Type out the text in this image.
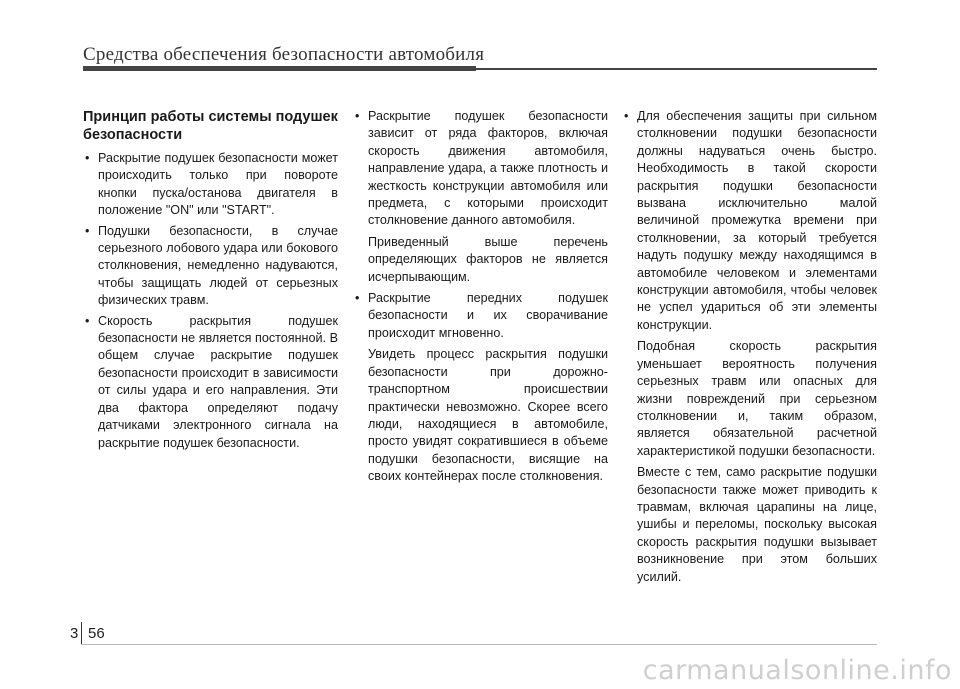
Средства обеспечения безопасности автомобиля
Принцип работы системы подушек безопасности
• Раскрытие подушек безопасности может происходить только при повороте кнопки пуска/останова двигателя в положение "ON" или "START".
• Подушки безопасности, в случае серьезного лобового удара или бокового столкновения, немедленно надуваются, чтобы защищать людей от серьезных физических травм.
• Скорость раскрытия подушек безопасности не является постоянной. В общем случае раскрытие подушек безопасности происходит в зависимости от силы удара и его направления. Эти два фактора определяют подачу датчиками электронного сигнала на раскрытие подушек безопасности.
• Раскрытие подушек безопасности зависит от ряда факторов, включая скорость движения автомобиля, направление удара, а также плотность и жесткость конструкции автомобиля или предмета, с которыми происходит столкновение данного автомобиля.

Приведенный выше перечень определяющих факторов не является исчерпывающим.

• Раскрытие передних подушек безопасности и их сворачивание происходит мгновенно.

Увидеть процесс раскрытия подушки безопасности при дорожно-транспортном происшествии практически невозможно. Скорее всего люди, находящиеся в автомобиле, просто увидят сократившиеся в объеме подушки безопасности, висящие на своих контейнерах после столкновения.

• Для обеспечения защиты при сильном столкновении подушки безопасности должны надуваться очень быстро. Необходимость в такой скорости раскрытия подушки безопасности вызвана исключительно малой величиной промежутка времени при столкновении, за который требуется надуть подушку между находящимся в автомобиле человеком и элементами конструкции автомобиля, чтобы человек не успел удариться об эти элементы конструкции.

Подобная скорость раскрытия уменьшает вероятность получения серьезных травм или опасных для жизни повреждений при серьезном столкновении и, таким образом, является обязательной расчетной характеристикой подушки безопасности.

Вместе с тем, само раскрытие подушки безопасности также может приводить к травмам, включая царапины на лице, ушибы и переломы, поскольку высокая скорость раскрытия подушки вызывает возникновение при этом больших усилий.

3 56
carmanualsonline.info
